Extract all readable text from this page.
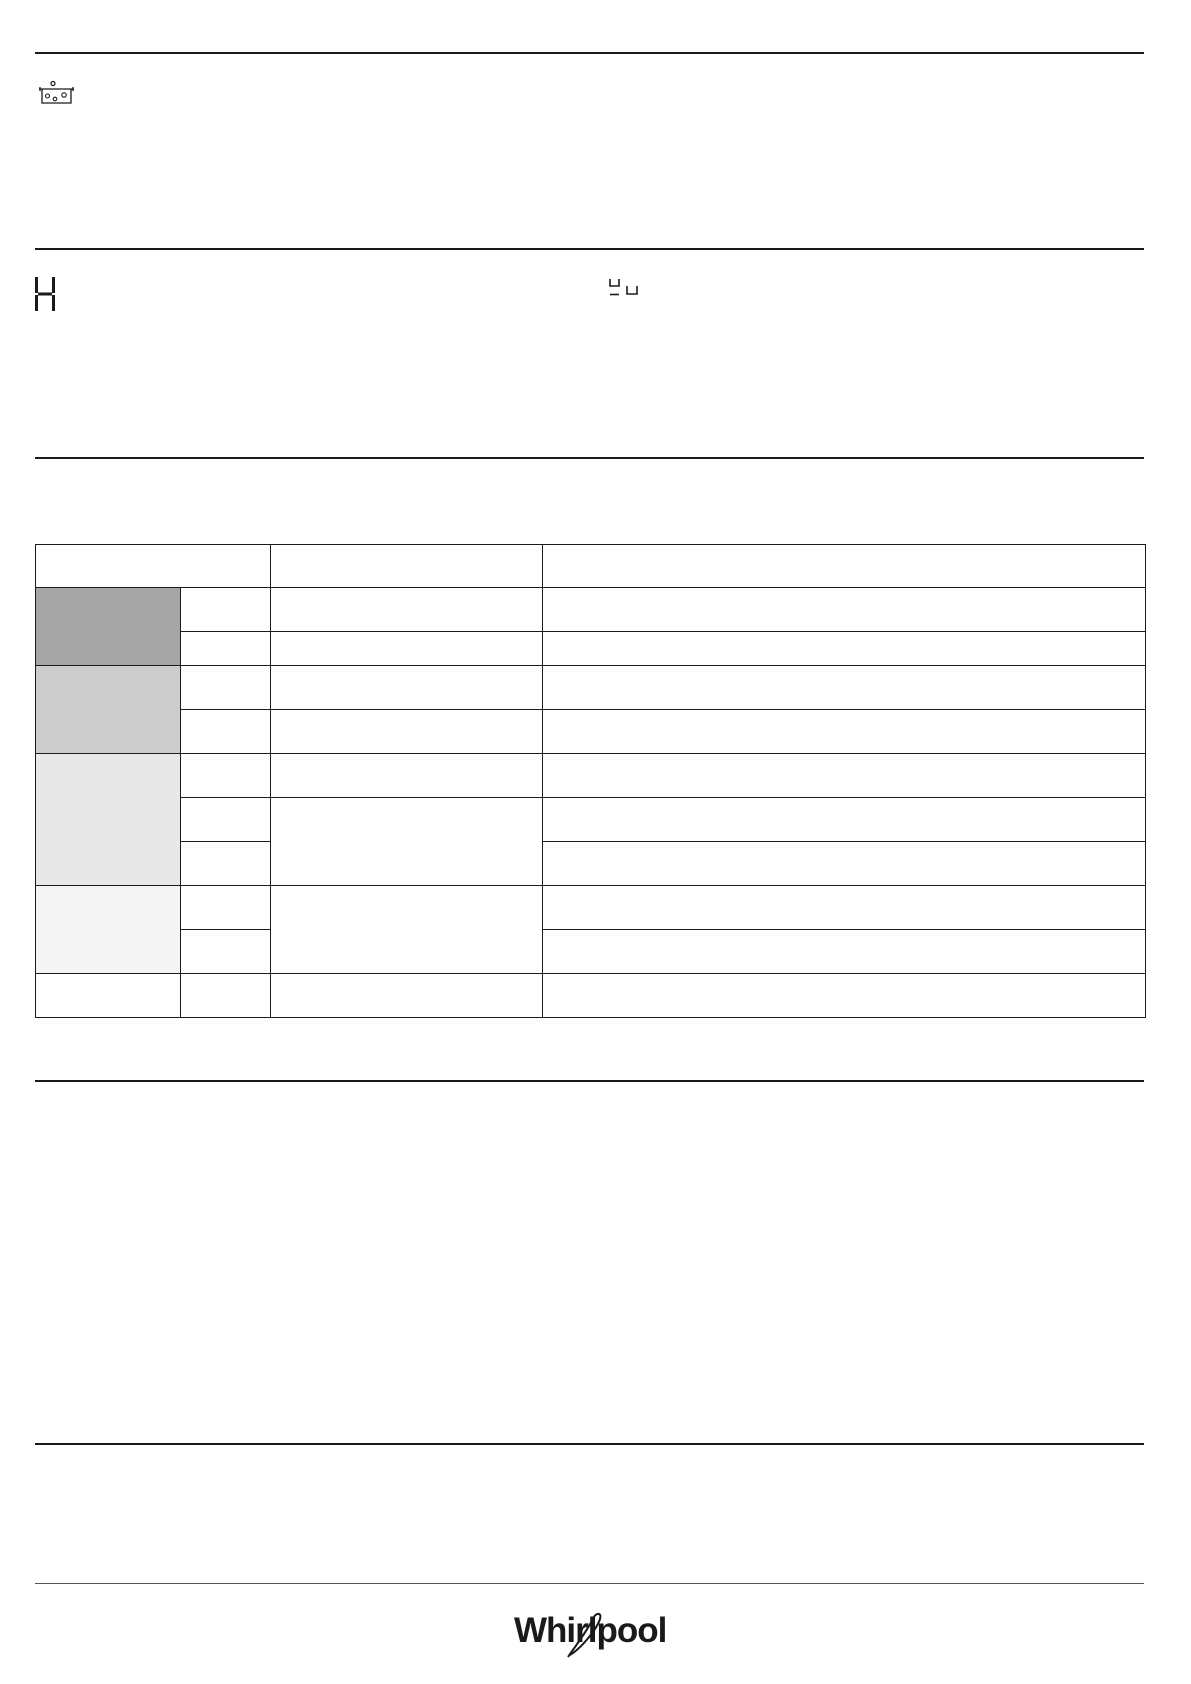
Whirlpool
